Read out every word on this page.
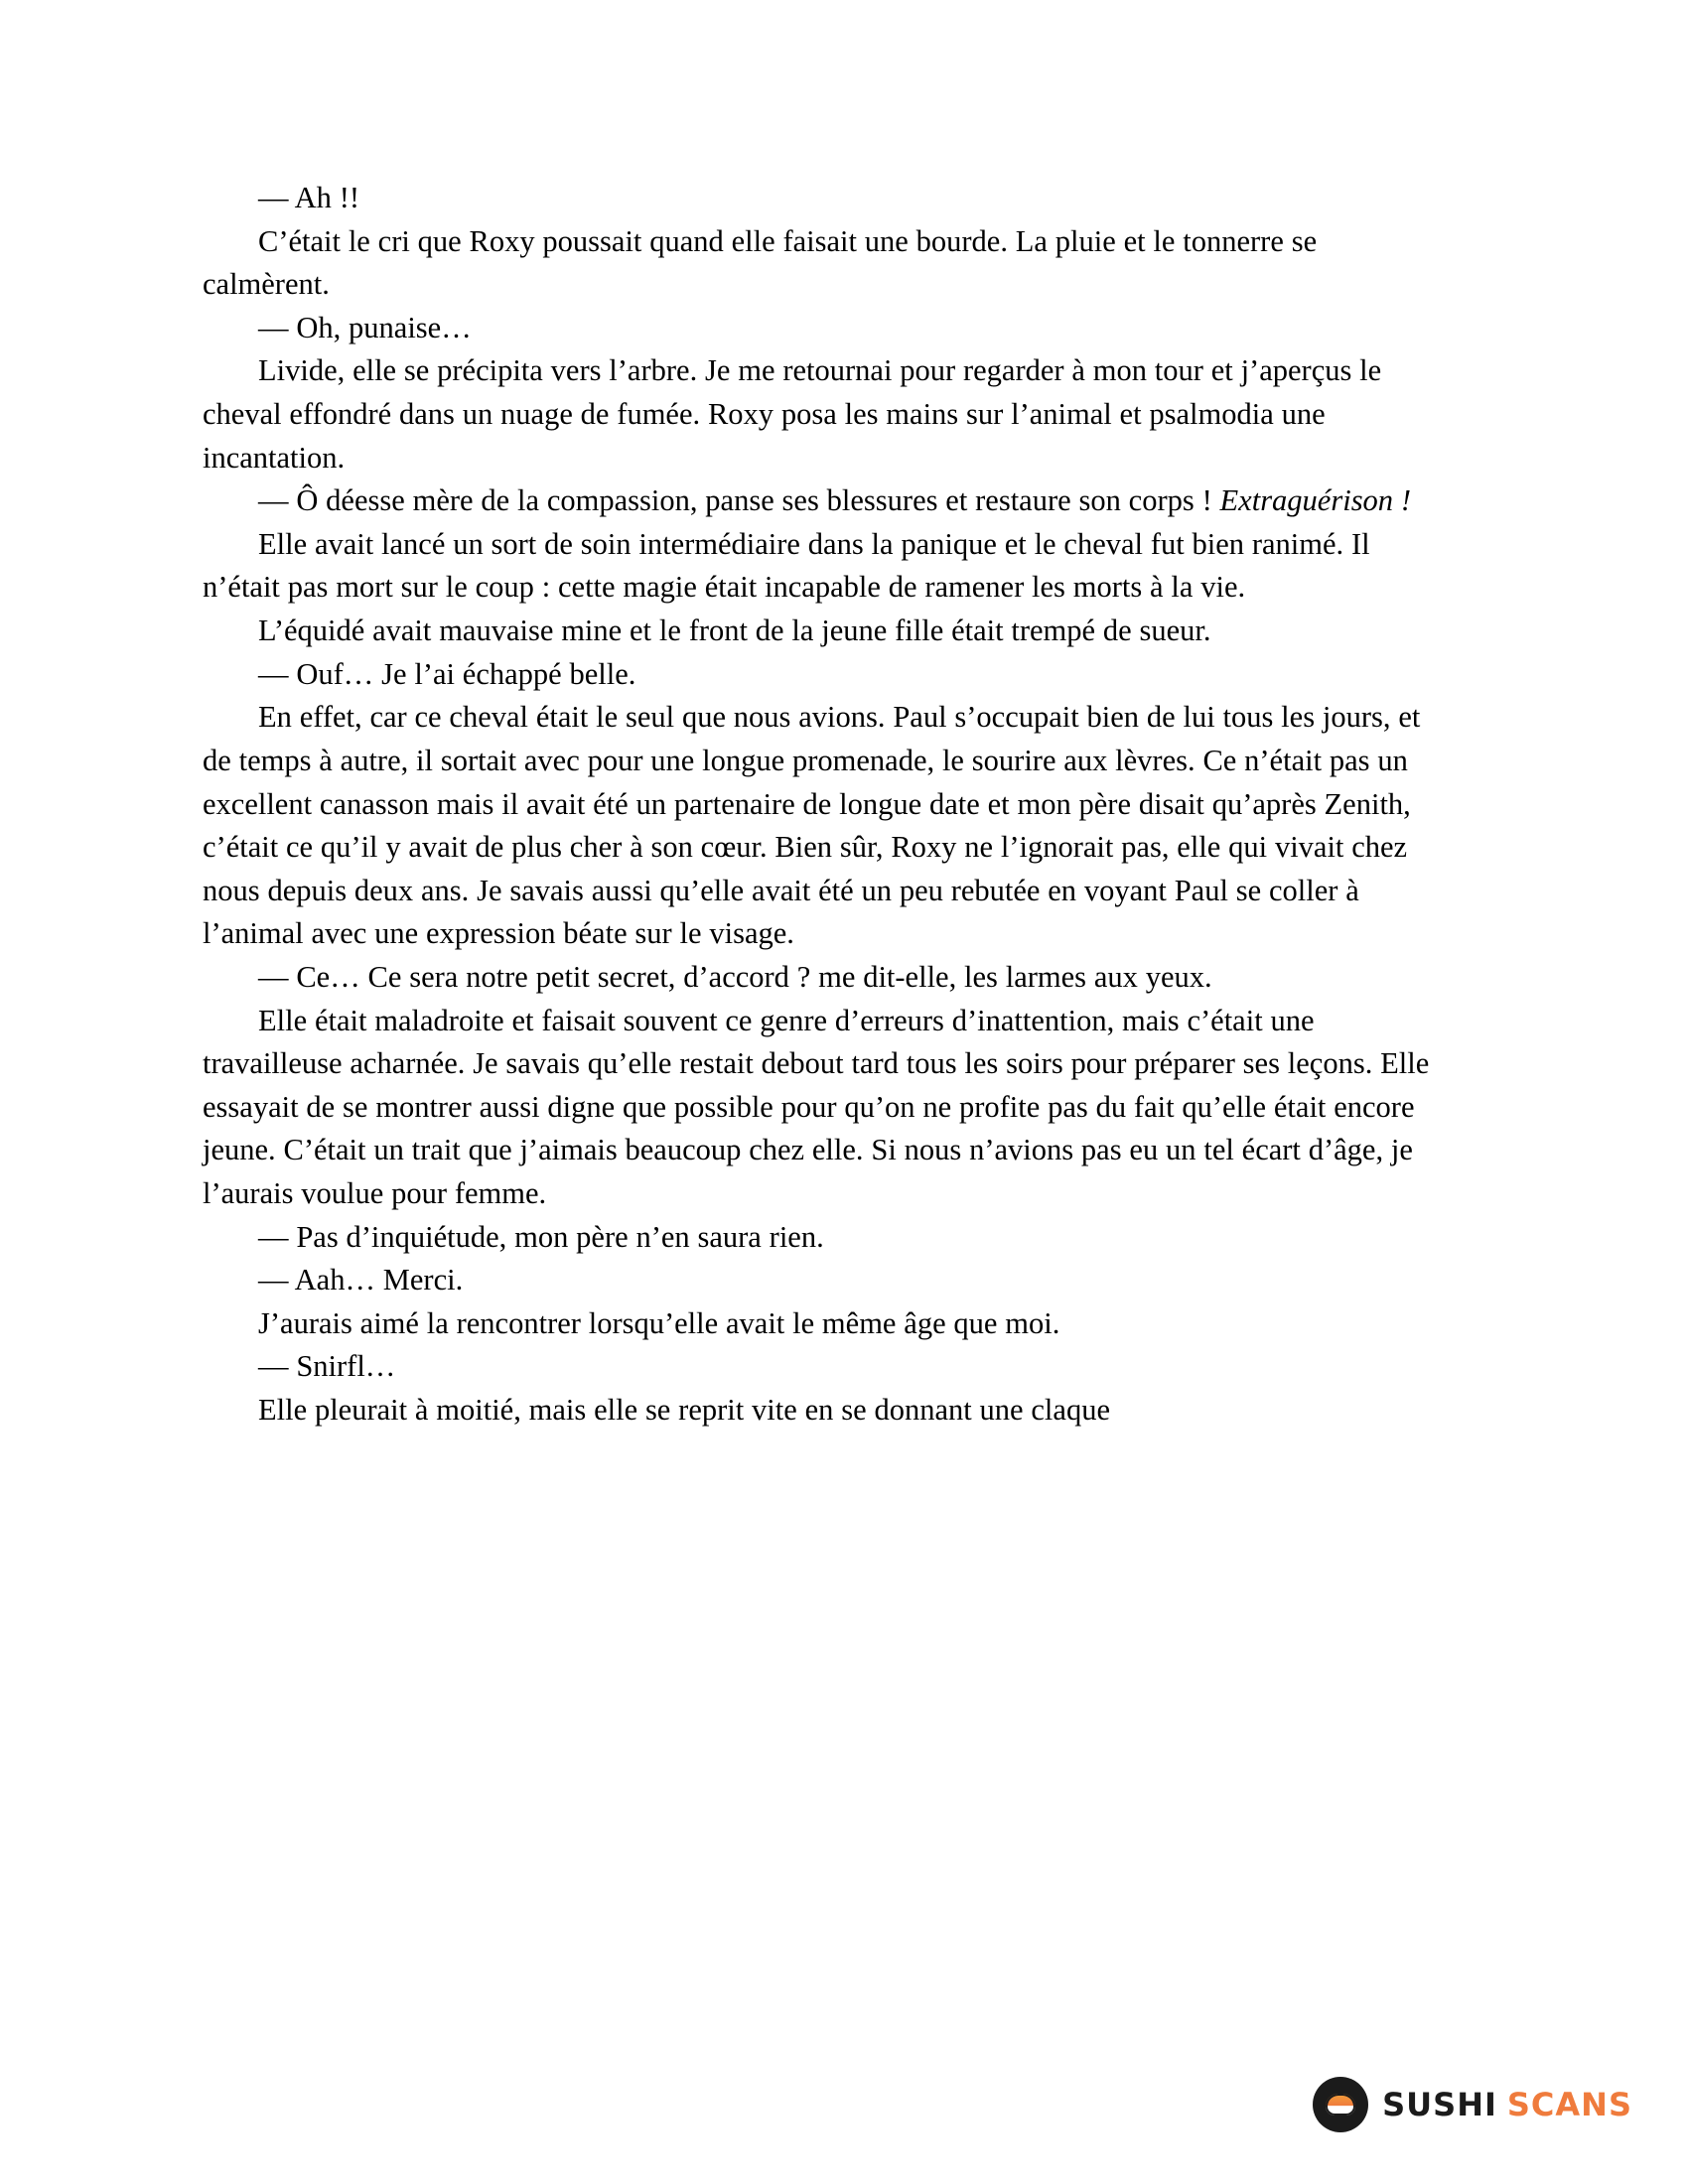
— Ah !!

C’était le cri que Roxy poussait quand elle faisait une bourde. La pluie et le tonnerre se calmèrent.

— Oh, punaise…

Livide, elle se précipita vers l’arbre. Je me retournai pour regarder à mon tour et j’aperçus le cheval effondré dans un nuage de fumée. Roxy posa les mains sur l’animal et psalmodia une incantation.

— Ô déesse mère de la compassion, panse ses blessures et restaure son corps ! Extraguérison !

Elle avait lancé un sort de soin intermédiaire dans la panique et le cheval fut bien ranimé. Il n’était pas mort sur le coup : cette magie était incapable de ramener les morts à la vie.

L’équidé avait mauvaise mine et le front de la jeune fille était trempé de sueur.

— Ouf… Je l’ai échappé belle.

En effet, car ce cheval était le seul que nous avions. Paul s’occupait bien de lui tous les jours, et de temps à autre, il sortait avec pour une longue promenade, le sourire aux lèvres. Ce n’était pas un excellent canasson mais il avait été un partenaire de longue date et mon père disait qu’après Zenith, c’était ce qu’il y avait de plus cher à son cœur. Bien sûr, Roxy ne l’ignorait pas, elle qui vivait chez nous depuis deux ans. Je savais aussi qu’elle avait été un peu rebutée en voyant Paul se coller à l’animal avec une expression béate sur le visage.

— Ce… Ce sera notre petit secret, d’accord ? me dit-elle, les larmes aux yeux.

Elle était maladroite et faisait souvent ce genre d’erreurs d’inattention, mais c’était une travailleuse acharnée. Je savais qu’elle restait debout tard tous les soirs pour préparer ses leçons. Elle essayait de se montrer aussi digne que possible pour qu’on ne profite pas du fait qu’elle était encore jeune. C’était un trait que j’aimais beaucoup chez elle. Si nous n’avions pas eu un tel écart d’âge, je l’aurais voulue pour femme.

— Pas d’inquiétude, mon père n’en saura rien.

— Aah… Merci.

J’aurais aimé la rencontrer lorsqu’elle avait le même âge que moi.

— Snirfl…

Elle pleurait à moitié, mais elle se reprit vite en se donnant une claque

SUSHI SCANS
